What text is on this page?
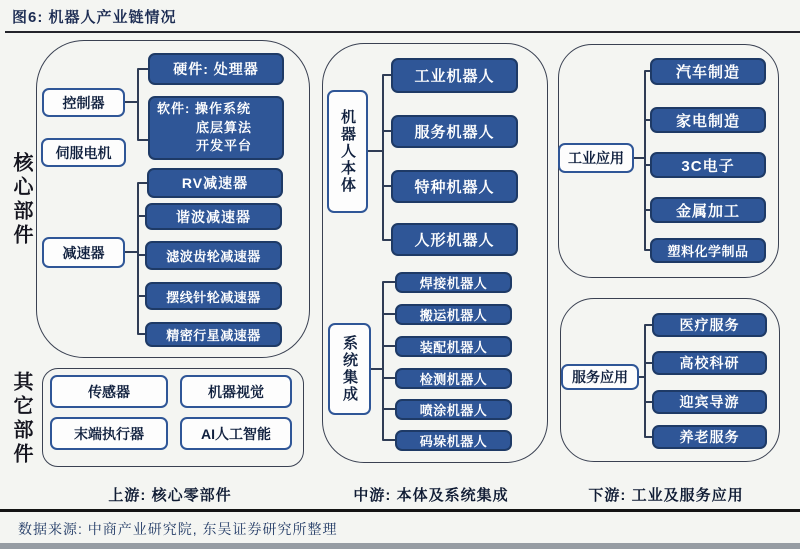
图6: 机器人产业链情况
核心部件
其它部件
控制器
伺服电机
减速器
硬件: 处理器
软件: 操作系统
底层算法
开发平台
RV减速器
谐波减速器
滤波齿轮减速器
摆线针轮减速器
精密行星减速器
传感器	机器视觉
末端执行器	AI人工智能
机器人本体
工业机器人
服务机器人
特种机器人
人形机器人
系统集成
焊接机器人
搬运机器人
装配机器人
检测机器人
喷涂机器人
码垛机器人
工业应用
汽车制造
家电制造
3C电子
金属加工
塑料化学制品
服务应用
医疗服务
高校科研
迎宾导游
养老服务
上游: 核心零部件	中游: 本体及系统集成	下游: 工业及服务应用
数据来源: 中商产业研究院, 东吴证券研究所整理
